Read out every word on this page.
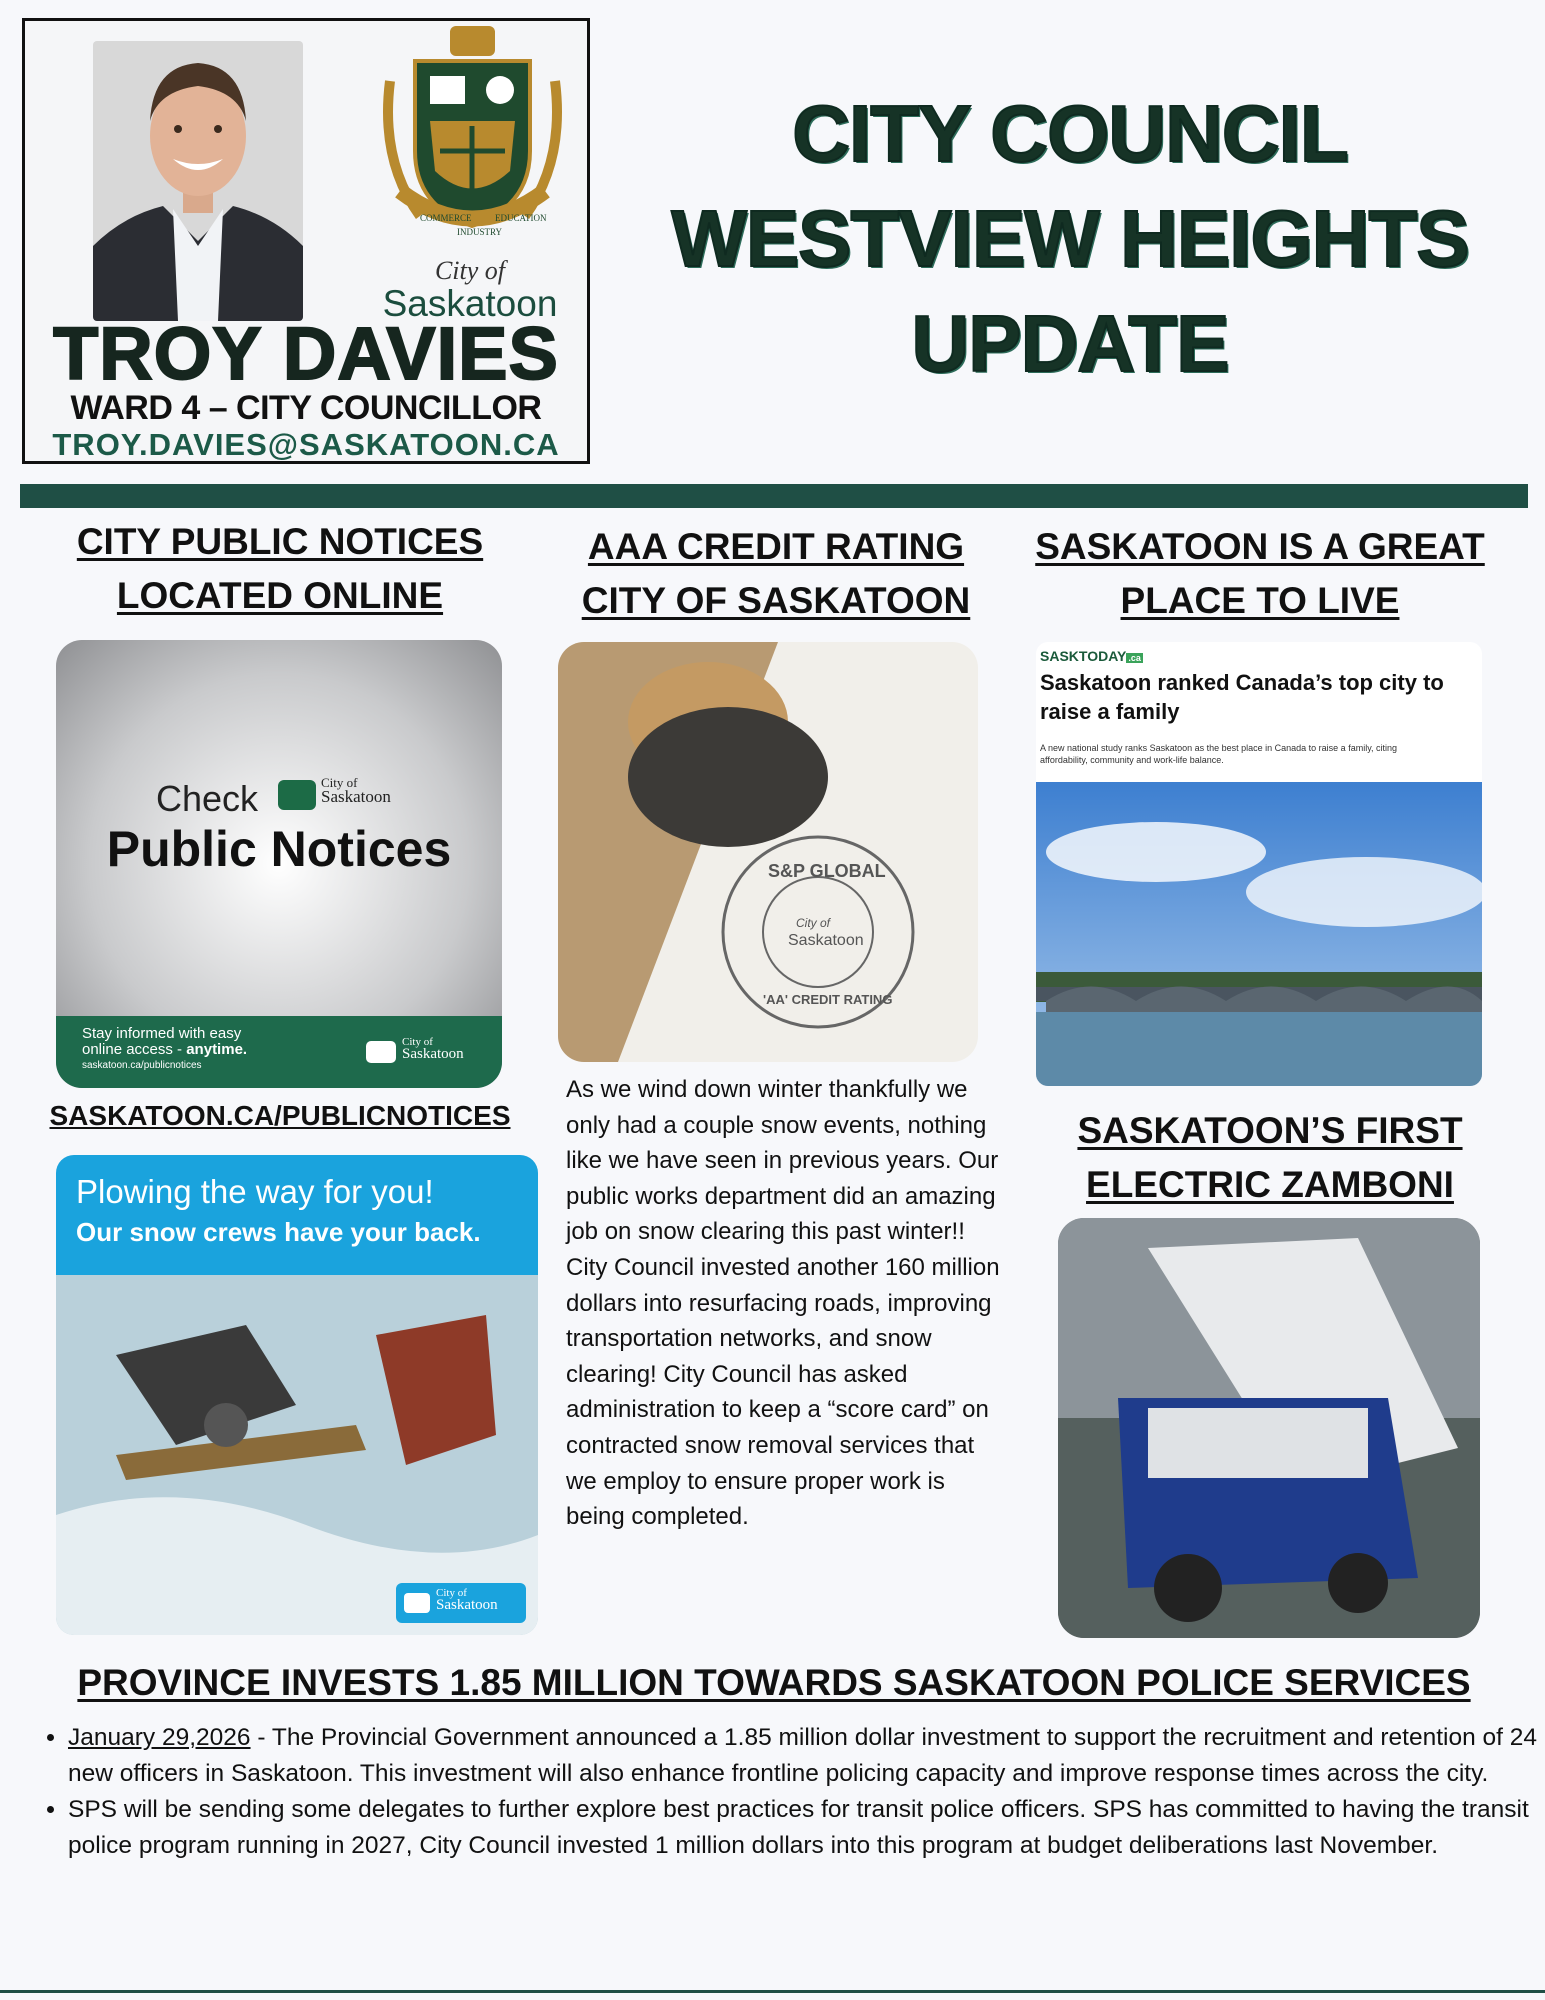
COMMERCE
INDUSTRY
EDUCATION
City of
Saskatoon
TROY DAVIES
WARD 4 – CITY COUNCILLOR
TROY.DAVIES@SASKATOON.CA
CITY COUNCIL
WESTVIEW HEIGHTS
UPDATE
CITY PUBLIC NOTICES
LOCATED ONLINE
Check	City of
Saskatoon
Public Notices
Stay informed with easy
online access - anytime.
saskatoon.ca/publicnotices
City of
Saskatoon
SASKATOON.CA/PUBLICNOTICES
Plowing the way for you!
Our snow crews have your back.
City of
Saskatoon
AAA CREDIT RATING
CITY OF SASKATOON
S&P GLOBAL
City of
Saskatoon
'AA' CREDIT RATING
As we wind down winter thankfully we only had a couple snow events, nothing like we have seen in previous years. Our public works department did an amazing job on snow clearing this past winter!! City Council invested another 160 million dollars into resurfacing roads, improving transportation networks, and snow clearing! City Council has asked administration to keep a “score card” on contracted snow removal services that we employ to ensure proper work is being completed.
SASKATOON IS A GREAT
PLACE TO LIVE
SASKTODAY .ca
Saskatoon ranked Canada’s top city to
raise a family
A new national study ranks Saskatoon as the best place in Canada to raise a family, citing
affordability, community and work-life balance.
SASKATOON’S FIRST
ELECTRIC ZAMBONI
PROVINCE INVESTS 1.85 MILLION TOWARDS SASKATOON POLICE SERVICES
• January 29,2026 - The Provincial Government announced a 1.85 million dollar investment to support the recruitment and retention of 24 new officers in Saskatoon. This investment will also enhance frontline policing capacity and improve response times across the city.
• SPS will be sending some delegates to further explore best practices for transit police officers. SPS has committed to having the transit police program running in 2027, City Council invested 1 million dollars into this program at budget deliberations last November.
